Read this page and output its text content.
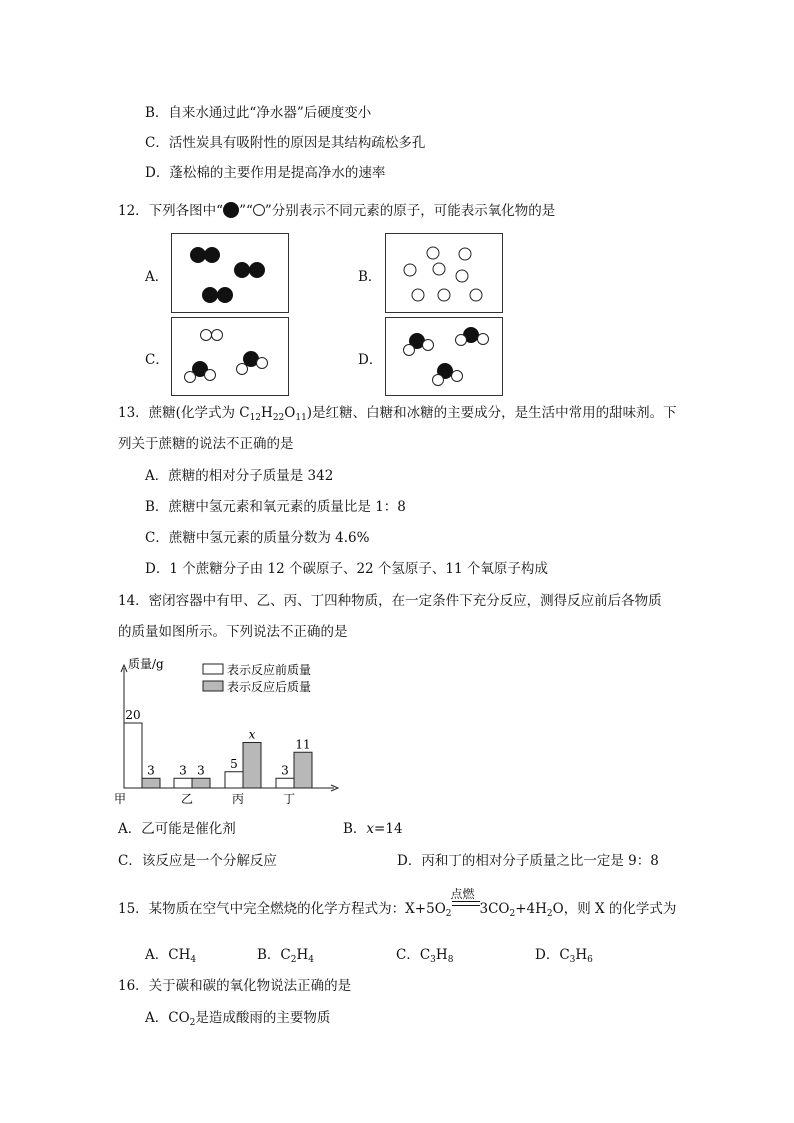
B．自来水通过此“净水器”后硬度变小
C．活性炭具有吸附性的原因是其结构疏松多孔
D．蓬松棉的主要作用是提高净水的速率
12．下列各图中“ ”“ ”分别表示不同元素的原子，可能表示氧化物的是
A．	B．
C．	D．
13．蔗糖(化学式为 $C_{12}H_{22}O_{11}$)是红糖、白糖和冰糖的主要成分，是生活中常用的甜味剂。下
列关于蔗糖的说法不正确的是
A．蔗糖的相对分子质量是 342
B．蔗糖中氢元素和氧元素的质量比是 1：8
C．蔗糖中氢元素的质量分数为 4.6%
D．1 个蔗糖分子由 12 个碳原子、22 个氢原子、11 个氧原子构成
14．密闭容器中有甲、乙、丙、丁四种物质，在一定条件下充分反应，测得反应前后各物质
的质量如图所示。下列说法不正确的是
质量/g	表示反应前质量
表示反应后质量
20
3
甲
3 3
乙
5
x
丙
3
11
丁
A．乙可能是催化剂	B．x=14
C．该反应是一个分解反应	D．丙和丁的相对分子质量之比一定是 9：8
15．某物质在空气中完全燃烧的化学方程式为：$X+5O_2$
点燃
$3CO_2+4H_2O$，则 X 的化学式为
A．$CH_4$	B．$C_2H_4$	C．$C_3H_8$	D．$C_3H_6$
16．关于碳和碳的氧化物说法正确的是
A．$CO_2$是造成酸雨的主要物质
